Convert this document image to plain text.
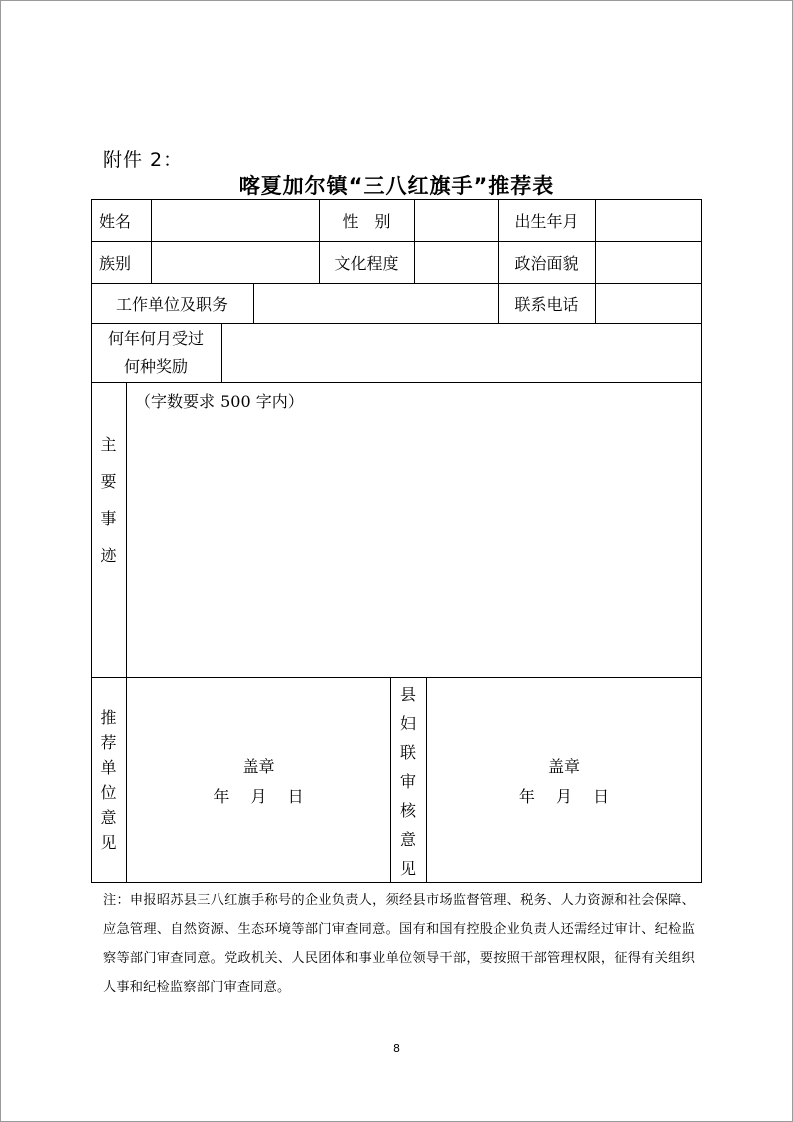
附件 2：
喀夏加尔镇“三八红旗手”推荐表
姓名	性　别	出生年月
族别	文化程度	政治面貌
工作单位及职务	联系电话
何年何月受过
何种奖励
主
要
事
迹
（字数要求 500 字内）
推
荐
单
位
意
见
盖章
年　 月　 日
县
妇
联
审
核
意
见
盖章
年　 月　 日
注：申报昭苏县三八红旗手称号的企业负责人，须经县市场监督管理、税务、人力资源和社会保障、应急管理、自然资源、生态环境等部门审查同意。国有和国有控股企业负责人还需经过审计、纪检监察等部门审查同意。党政机关、人民团体和事业单位领导干部，要按照干部管理权限，征得有关组织人事和纪检监察部门审查同意。
8
